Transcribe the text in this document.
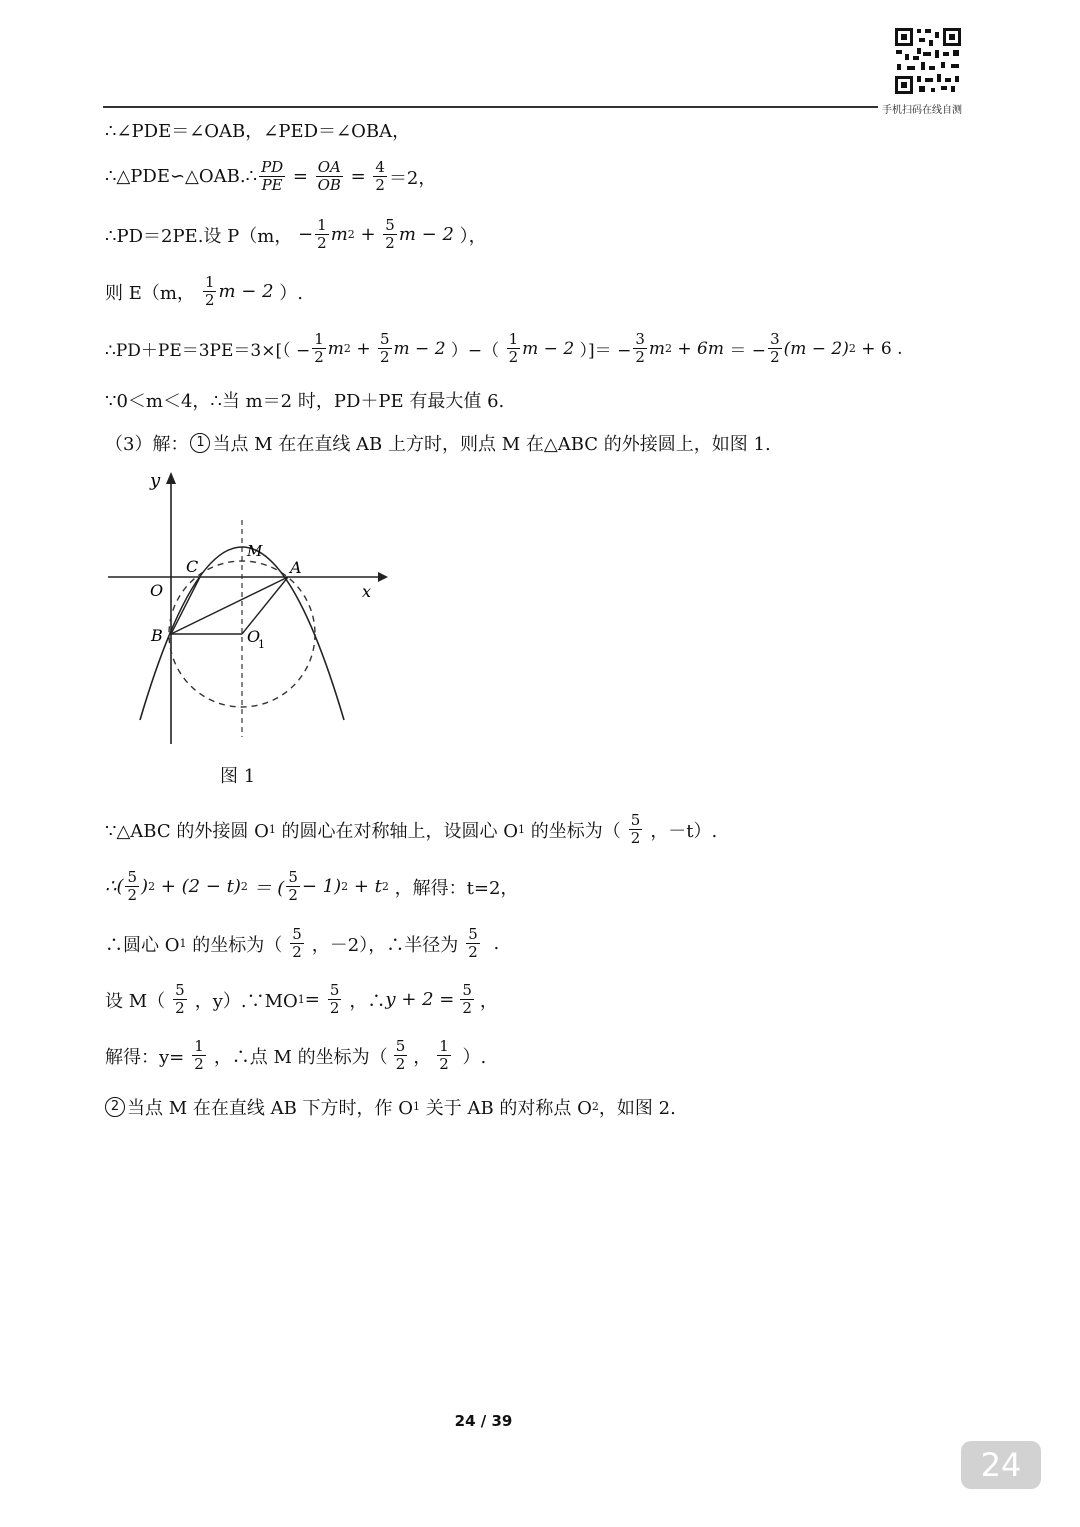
手机扫码在线自测
∴∠PDE＝∠OAB，∠PED＝∠OBA，
∴△PDE∽△OAB.∴ $\frac{PD}{PE} = \frac{OA}{OB} = \frac{4}{2} =2$，
∴PD＝2PE.设 P（m， − $\frac{1}{2}$ m $2 + \frac{5}{2}$ m − 2 ），
则 E（m， $\frac{1}{2}$ m − 2 ）.
∴PD＋PE＝3PE＝3×[（ − $\frac{1}{2}$ m $2 + \frac{5}{2}$ m − 2 ）−（ $\frac{1}{2}$ m − 2 ）]＝ − $\frac{3}{2}$ m 2 + 6m ＝ − $\frac{3}{2} (m - 2) 2 + 6$ .
∵0＜m＜4，∴当 m＝2 时，PD＋PE 有最大值 6.
（3）解： 1 当点 M 在在直线 AB 上方时，则点 M 在△ABC 的外接圆上，如图 1.
y
x
O
C
M
A
B	O
1
图 1
∵△ABC 的外接圆 O 1 的圆心在对称轴上，设圆心 O 1 的坐标为（ $\frac{5}{2}$ ，－t）.
∴( $\frac{5}{2}$ ) 2 + (2 − t) 2 ＝ ( $\frac{5}{2} - 1$) 2 + t 2 ，解得：t=2，
∴圆心 O 1 的坐标为（ $\frac{5}{2}$ ，－2），∴半径为 $\frac{5}{2}$ .
设 $M( \frac{5}{2}$ ，y）.∵MO $1 = \frac{5}{2}$ ，∴ $y + 2 = \frac{5}{2}$ ，
解得：$y= \frac{1}{2}$ ，∴点 M 的坐标为（ $\frac{5}{2}$ ， $\frac{1}{2}$ ）.
2 当点 M 在在直线 AB 下方时，作 O 1 关于 AB 的对称点 O 2 ，如图 2.
24 / 39
24
